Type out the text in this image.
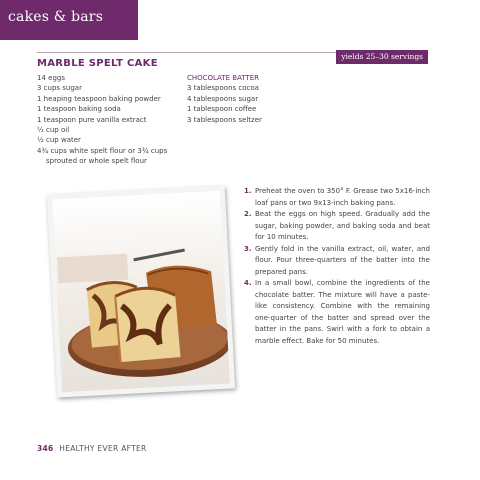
cakes & bars
yields 25–30 servings
MARBLE SPELT CAKE
14 eggs
3 cups sugar
1 heaping teaspoon baking powder
1 teaspoon baking soda
1 teaspoon pure vanilla extract
½ cup oil
½ cup water
4¾ cups white spelt flour or 3¾ cups
sprouted or whole spelt flour
CHOCOLATE BATTER
3 tablespoons cocoa
4 tablespoons sugar
1 tablespoon coffee
3 tablespoons seltzer
1. Preheat the oven to 350° F. Grease two 5x16-inch loaf pans or two 9x13-inch baking pans.
2. Beat the eggs on high speed. Gradually add the sugar, baking powder, and baking soda and beat for 10 minutes.
3. Gently fold in the vanilla extract, oil, water, and flour. Pour three-quarters of the batter into the prepared pans.
4. In a small bowl, combine the ingredients of the chocolate batter. The mixture will have a paste-like consistency. Combine with the remaining one-quarter of the batter and spread over the batter in the pans. Swirl with a fork to obtain a marble effect. Bake for 50 minutes.
346 HEALTHY EVER AFTER
